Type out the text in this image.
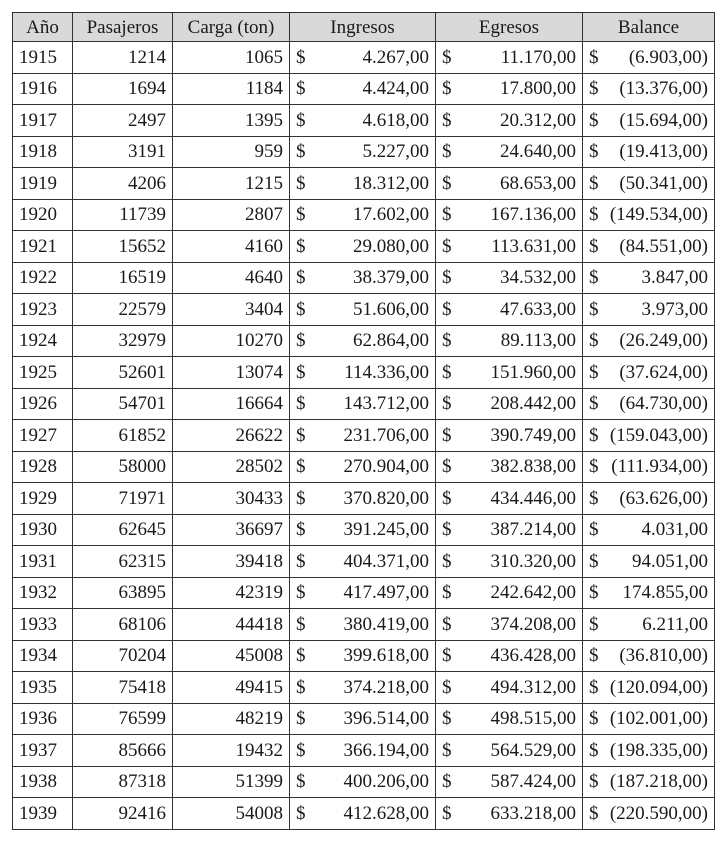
Año	Pasajeros	Carga (ton)	Ingresos	Egresos	Balance
1915	1214	1065	$ 4.267,00	$ 11.170,00	$ (6.903,00)

1916	1694	1184	$ 4.424,00	$ 17.800,00	$ (13.376,00)

1917	2497	1395	$ 4.618,00	$ 20.312,00	$ (15.694,00)

1918	3191	959	$ 5.227,00	$ 24.640,00	$ (19.413,00)

1919	4206	1215	$ 18.312,00	$ 68.653,00	$ (50.341,00)

1920	11739	2807	$ 17.602,00	$ 167.136,00	$ (149.534,00)

1921	15652	4160	$ 29.080,00	$ 113.631,00	$ (84.551,00)

1922	16519	4640	$ 38.379,00	$ 34.532,00	$ 3.847,00

1923	22579	3404	$ 51.606,00	$ 47.633,00	$ 3.973,00

1924	32979	10270	$ 62.864,00	$ 89.113,00	$ (26.249,00)

1925	52601	13074	$ 114.336,00	$ 151.960,00	$ (37.624,00)

1926	54701	16664	$ 143.712,00	$ 208.442,00	$ (64.730,00)

1927	61852	26622	$ 231.706,00	$ 390.749,00	$ (159.043,00)

1928	58000	28502	$ 270.904,00	$ 382.838,00	$ (111.934,00)

1929	71971	30433	$ 370.820,00	$ 434.446,00	$ (63.626,00)

1930	62645	36697	$ 391.245,00	$ 387.214,00	$ 4.031,00

1931	62315	39418	$ 404.371,00	$ 310.320,00	$ 94.051,00

1932	63895	42319	$ 417.497,00	$ 242.642,00	$ 174.855,00

1933	68106	44418	$ 380.419,00	$ 374.208,00	$ 6.211,00

1934	70204	45008	$ 399.618,00	$ 436.428,00	$ (36.810,00)

1935	75418	49415	$ 374.218,00	$ 494.312,00	$ (120.094,00)

1936	76599	48219	$ 396.514,00	$ 498.515,00	$ (102.001,00)

1937	85666	19432	$ 366.194,00	$ 564.529,00	$ (198.335,00)

1938	87318	51399	$ 400.206,00	$ 587.424,00	$ (187.218,00)

1939	92416	54008	$ 412.628,00	$ 633.218,00	$ (220.590,00)
